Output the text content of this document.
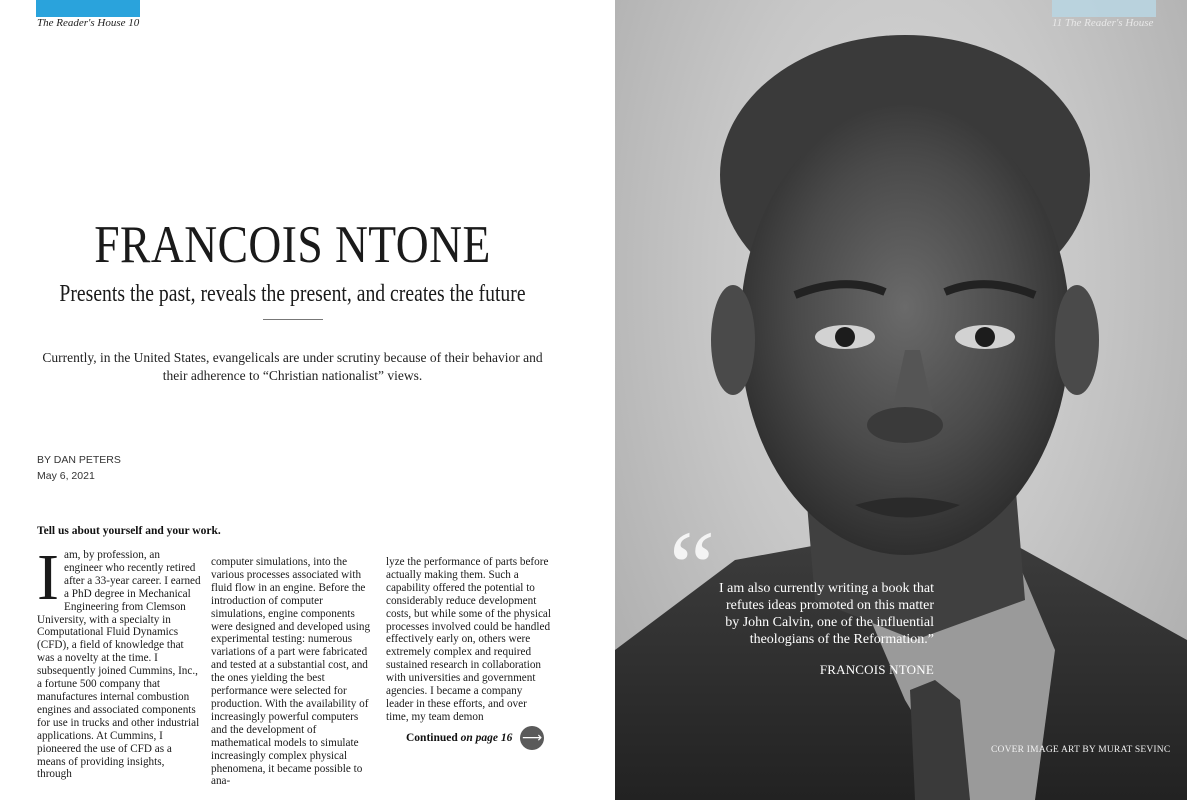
The Reader's House 10
FRANCOIS NTONE
Presents the past, reveals the present, and creates the future
Currently, in the United States, evangelicals are under scrutiny because of their behavior and their adherence to “Christian nationalist” views.
BY DAN PETERS
May 6, 2021
Tell us about yourself and your work.
I am, by profession, an engineer who recently retired after a 33-year career. I earned a PhD degree in Mechanical Engineering from Clemson University, with a specialty in Computational Fluid Dynamics (CFD), a field of knowledge that was a novelty at the time. I subsequently joined Cummins, Inc., a fortune 500 company that manufactures internal combustion engines and associated components for use in trucks and other industrial applications. At Cummins, I pioneered the use of CFD as a means of providing insights, through
computer simulations, into the various processes associated with fluid flow in an engine. Before the introduction of computer simulations, engine components were designed and developed using experimental testing: numerous variations of a part were fabricated and tested at a substantial cost, and the ones yielding the best performance were selected for production. With the availability of increasingly powerful computers and the development of mathematical models to simulate increasingly complex physical phenomena, it became possible to ana-
lyze the performance of parts before actually making them. Such a capability offered the potential to considerably reduce development costs, but while some of the physical processes involved could be handled effectively early on, others were extremely complex and required sustained research in collaboration with universities and government agencies. I became a company leader in these efforts, and over time, my team demon
Continued on page 16 ⟶
11 The Reader's House
“ I am also currently writing a book that refutes ideas promoted on this matter by John Calvin, one of the influential theologians of the Reformation.”
FRANCOIS NTONE
COVER IMAGE ART BY MURAT SEVINC
